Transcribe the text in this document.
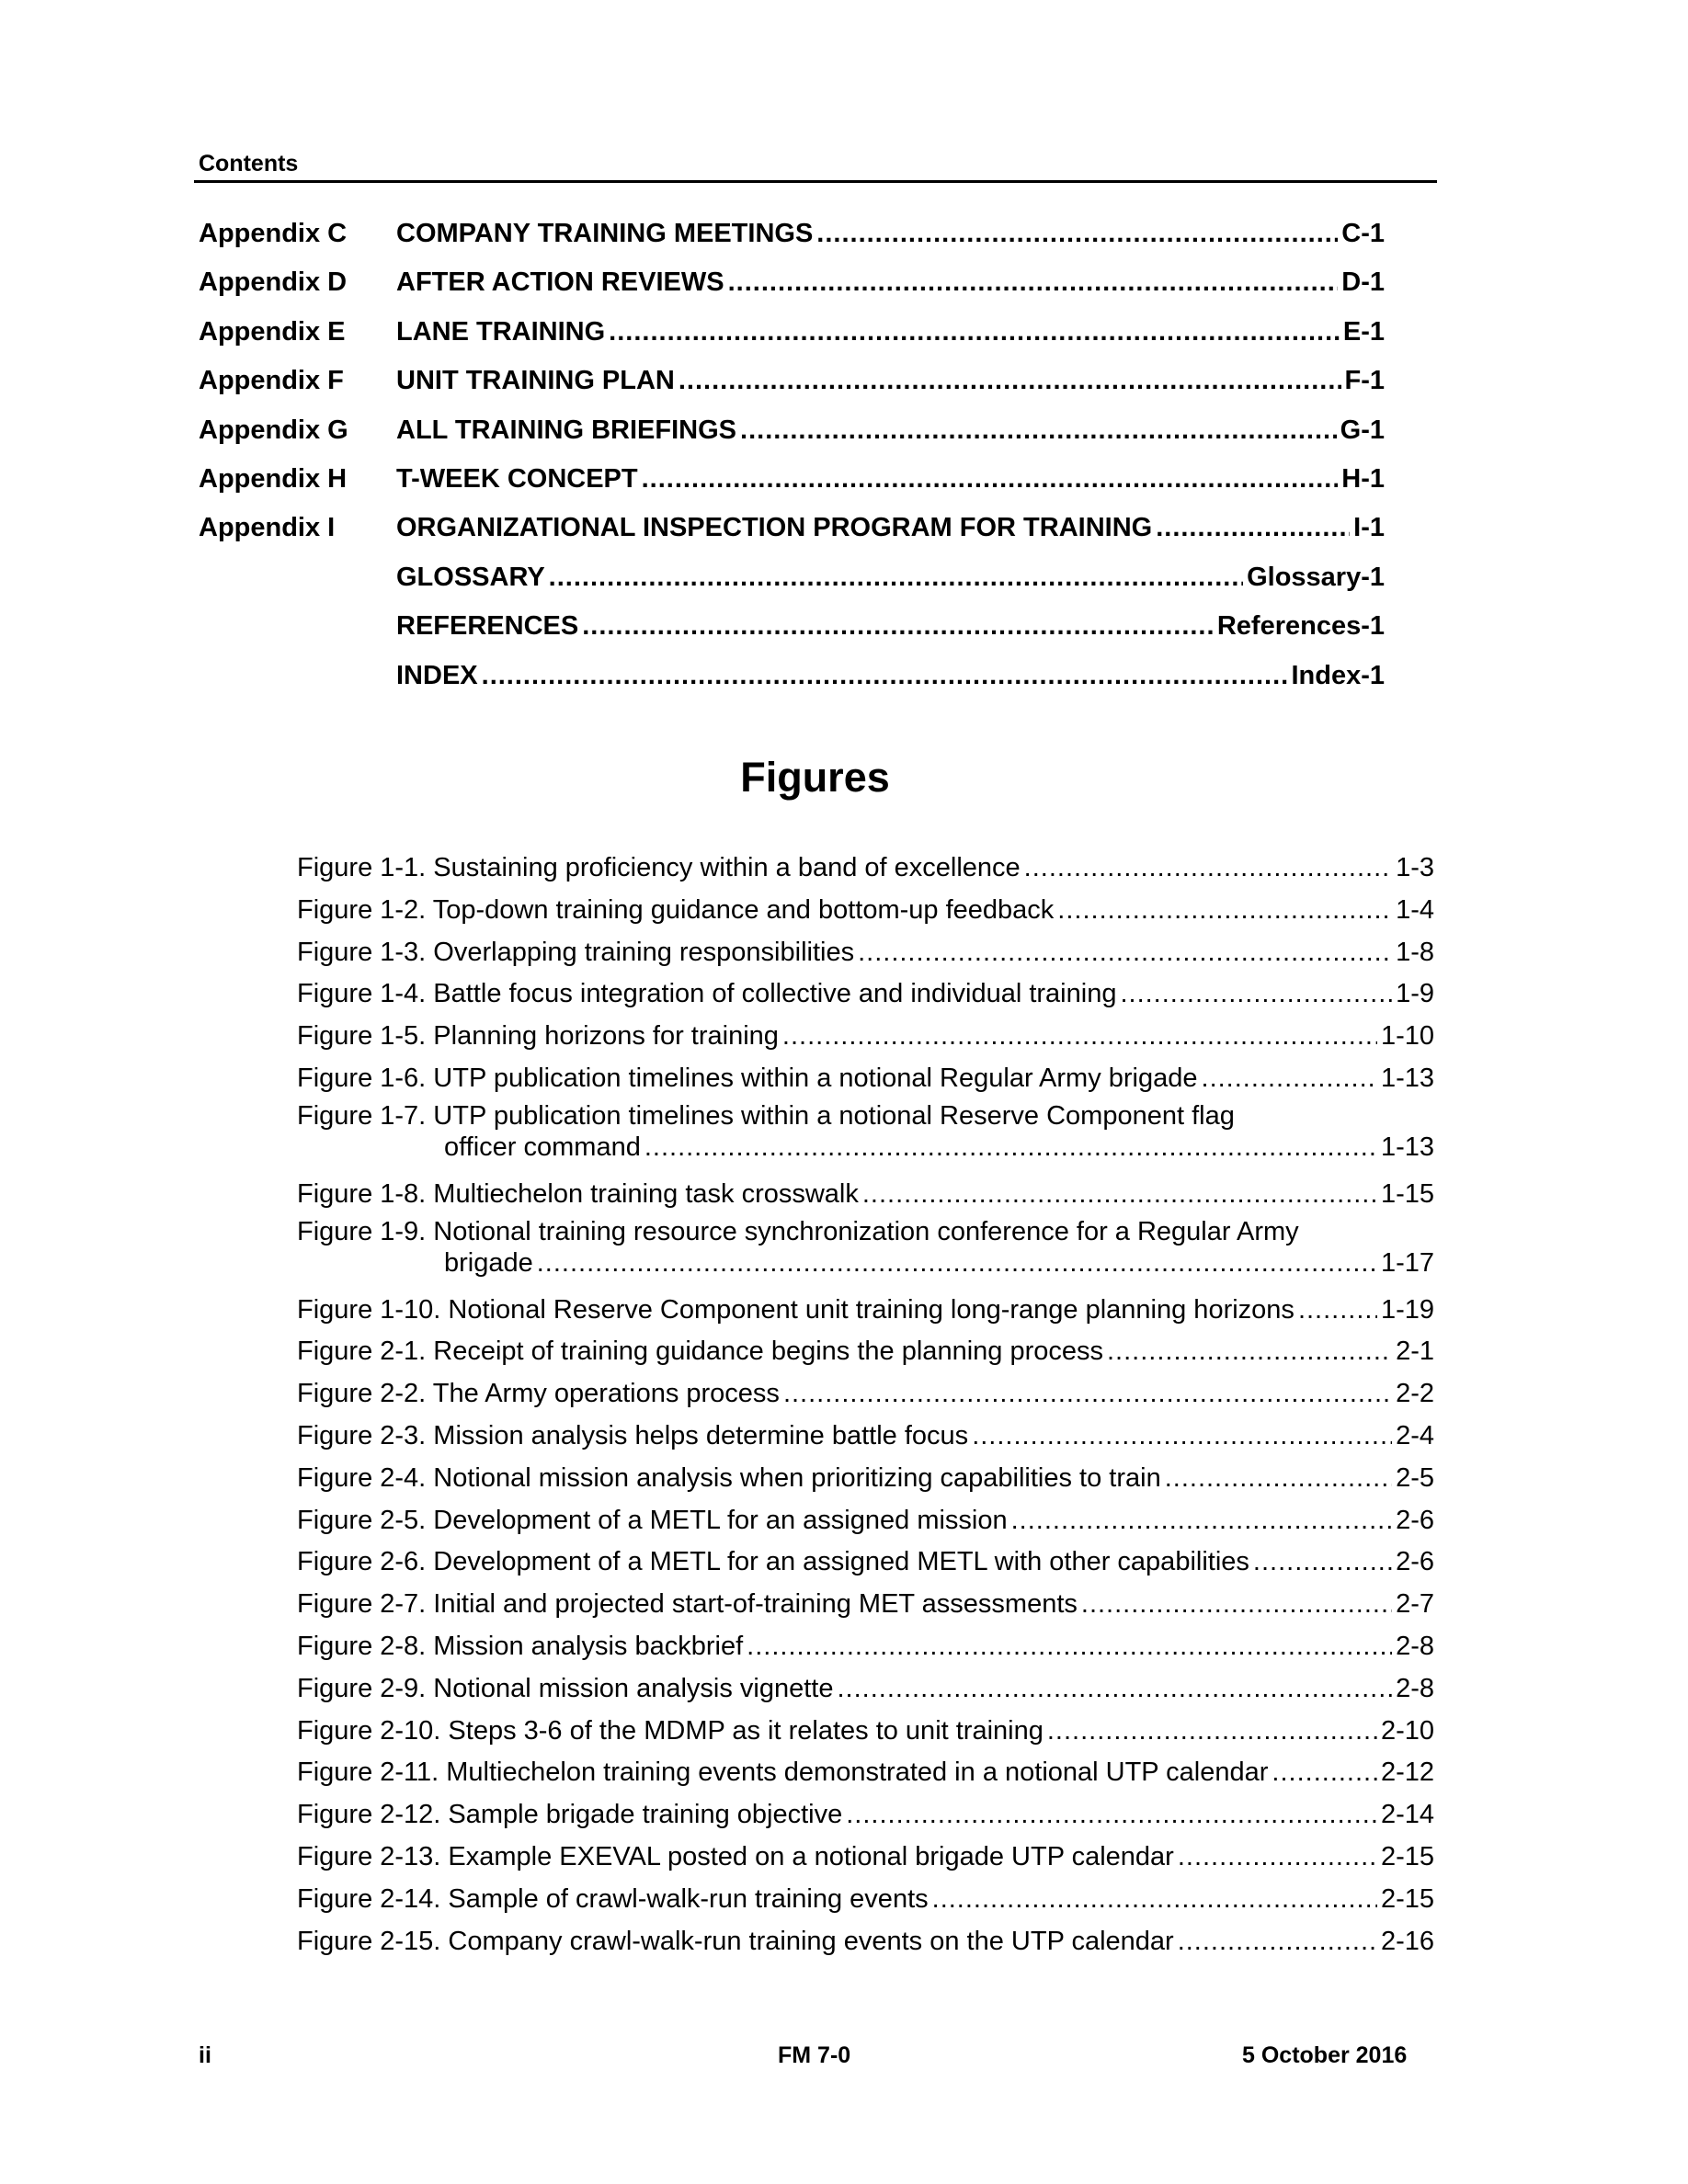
Contents
Appendix C	COMPANY TRAINING MEETINGS .....	C-1
Appendix D	AFTER ACTION REVIEWS .....	D-1
Appendix E	LANE TRAINING .....	E-1
Appendix F	UNIT TRAINING PLAN .....	F-1
Appendix G	ALL TRAINING BRIEFINGS .....	G-1
Appendix H	T-WEEK CONCEPT .....	H-1
Appendix I	ORGANIZATIONAL INSPECTION PROGRAM FOR TRAINING .....	I-1
GLOSSARY .....	Glossary-1
REFERENCES .....	References-1
INDEX .....	Index-1
Figures
Figure 1-1. Sustaining proficiency within a band of excellence .....	1-3
Figure 1-2. Top-down training guidance and bottom-up feedback .....	1-4
Figure 1-3. Overlapping training responsibilities .....	1-8
Figure 1-4. Battle focus integration of collective and individual training .....	1-9
Figure 1-5. Planning horizons for training .....	1-10
Figure 1-6. UTP publication timelines within a notional Regular Army brigade .....	1-13
Figure 1-7. UTP publication timelines within a notional Reserve Component flag
officer command .....	1-13
Figure 1-8. Multiechelon training task crosswalk .....	1-15
Figure 1-9. Notional training resource synchronization conference for a Regular Army
brigade .....	1-17
Figure 1-10. Notional Reserve Component unit training long-range planning horizons .....	1-19
Figure 2-1. Receipt of training guidance begins the planning process .....	2-1
Figure 2-2. The Army operations process .....	2-2
Figure 2-3. Mission analysis helps determine battle focus .....	2-4
Figure 2-4. Notional mission analysis when prioritizing capabilities to train .....	2-5
Figure 2-5. Development of a METL for an assigned mission .....	2-6
Figure 2-6. Development of a METL for an assigned METL with other capabilities .....	2-6
Figure 2-7. Initial and projected start-of-training MET assessments .....	2-7
Figure 2-8. Mission analysis backbrief .....	2-8
Figure 2-9. Notional mission analysis vignette .....	2-8
Figure 2-10. Steps 3-6 of the MDMP as it relates to unit training .....	2-10
Figure 2-11. Multiechelon training events demonstrated in a notional UTP calendar .....	2-12
Figure 2-12. Sample brigade training objective .....	2-14
Figure 2-13. Example EXEVAL posted on a notional brigade UTP calendar .....	2-15
Figure 2-14. Sample of crawl-walk-run training events .....	2-15
Figure 2-15. Company crawl-walk-run training events on the UTP calendar .....	2-16
ii	FM 7-0	5 October 2016
